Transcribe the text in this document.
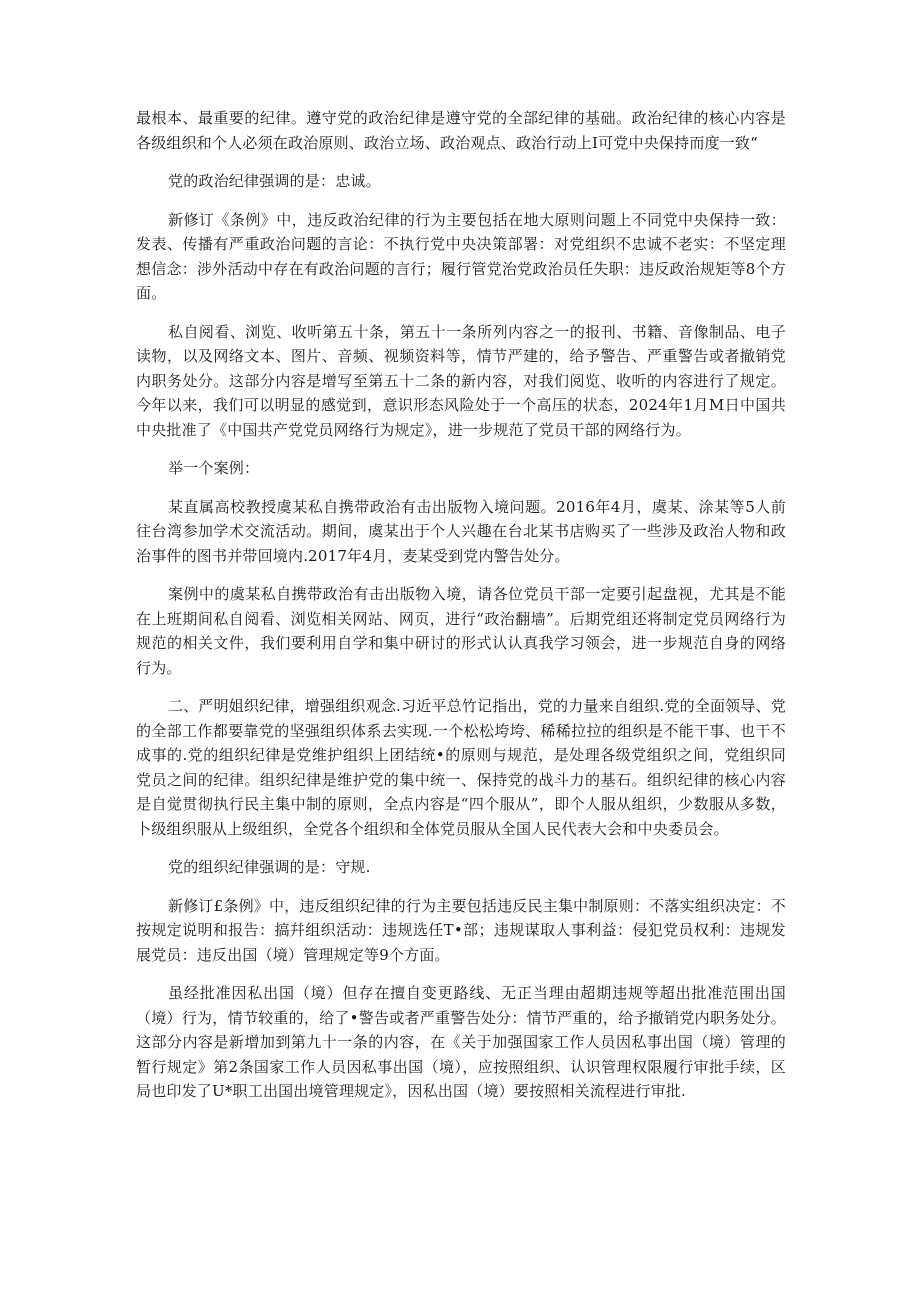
最根本、最重要的纪律。遵守党的政治纪律是遵守党的全部纪律的基础。政治纪律的核心内容是各级组织和个人必须在政治原则、政治立场、政治观点、政治行动上I可党中央保持而度一致“

党的政治纪律强调的是：忠诚。

新修订《条例》中，违反政治纪律的行为主要包括在地大原则问题上不同党中央保持一致：发表、传播有严重政治问题的言论：不执行党中央决策部署：对党组织不忠诚不老实：不坚定理想信念：涉外活动中存在有政治问题的言行；履行管党治党政治员任失职：违反政治规矩等8个方面。

私自阅看、浏览、收听第五十条，第五十一条所列内容之一的报刊、书籍、音像制品、电子读物，以及网络文本、图片、音频、视频资料等，情节严建的，给予警告、严重警告或者撤销党内职务处分。这部分内容是增写至第五十二条的新内容，对我们阅览、收听的内容进行了规定。今年以来，我们可以明显的感觉到，意识形态风险处于一个高压的状态，2024年1月M日中国共中央批准了《中国共产党党员网络行为规定》，进一步规范了党员干部的网络行为。

举一个案例：

某直属高校教授虞某私自携带政治有击出版物入境问题。2016年4月，虞某、涂某等5人前往台湾参加学术交流活动。期间，虞某出于个人兴趣在台北某书店购买了一些涉及政治人物和政治事件的图书并带回境内.2017年4月，麦某受到党内警告处分。

案例中的虞某私自携带政治有击出版物入境，请各位党员干部一定要引起盘视，尤其是不能在上班期间私自阅看、浏览相关网站、网页，进行“政治翻墙”。后期党组还将制定党员网络行为规范的相关文件，我们要利用自学和集中研讨的形式认认真我学习领会，进一步规范自身的网络行为。

二、严明姐织纪律，增强组织观念.习近平总竹记指出，党的力量来自组织.党的全面领导、党的全部工作都要靠党的坚强组织体系去实现.一个松松垮垮、稀稀拉拉的组织是不能干事、也干不成事的.党的组织纪律是党维护组织上团结统•的原则与规范，是处理各级党组织之间，党组织同党员之间的纪律。组织纪律是维护党的集中统一、保持党的战斗力的基石。组织纪律的核心内容是自觉贯彻执行民主集中制的原则，全点内容是“四个服从”，即个人服从组织，少数服从多数，卜级组织服从上级组织，全党各个组织和全体党员服从全国人民代表大会和中央委员会。

党的组织纪律强调的是：守规.

新修订£条例》中，违反组织纪律的行为主要包括违反民主集中制原则：不落实组织决定：不按规定说明和报告：搞幷组织活动：违规选任T•部；违规谋取人事利益：侵犯党员权利：违规发展党员：违反出国（境）管理规定等9个方面。

虽经批准因私出国（境）但存在擅自变更路线、无正当理由超期违规等超出批准范围出国（境）行为，情节较重的，给了•警告或者严重警告处分：情节严重的，给予撤销党内职务处分。这部分内容是新增加到第九十一条的内容，在《关于加强国家工作人员因私事出国（境）管理的暂行规定》第2条国家工作人员因私事出国（境），应按照组织、认识管理权限履行审批手续，区局也印发了U*职工出国出境管理规定》，因私出国（境）要按照相关流程进行审批.
